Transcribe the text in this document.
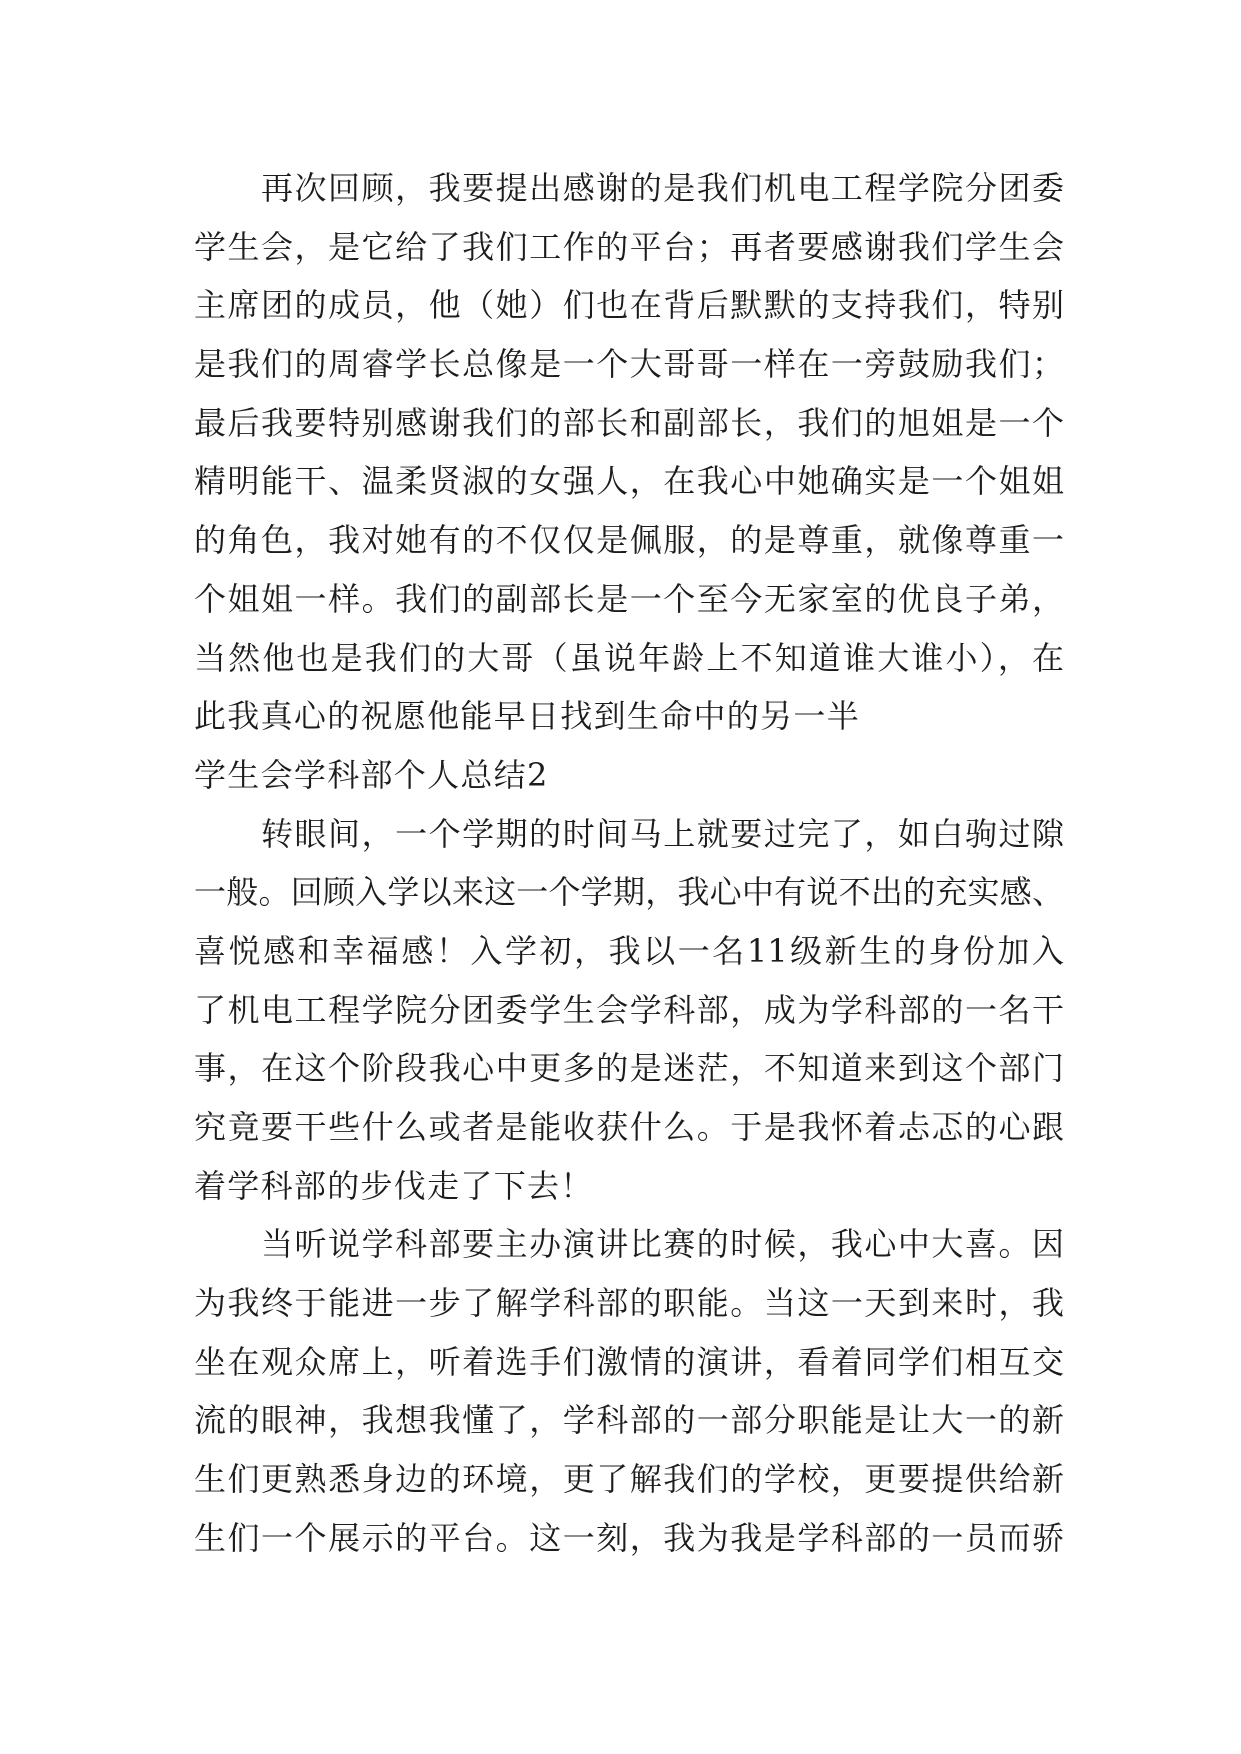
再次回顾，我要提出感谢的是我们机电工程学院分团委
学生会，是它给了我们工作的平台；再者要感谢我们学生会
主席团的成员，他（她）们也在背后默默的支持我们，特别
是我们的周睿学长总像是一个大哥哥一样在一旁鼓励我们；
最后我要特别感谢我们的部长和副部长，我们的旭姐是一个
精明能干、温柔贤淑的女强人，在我心中她确实是一个姐姐
的角色，我对她有的不仅仅是佩服，的是尊重，就像尊重一
个姐姐一样。我们的副部长是一个至今无家室的优良子弟，
当然他也是我们的大哥（虽说年龄上不知道谁大谁小），在
此我真心的祝愿他能早日找到生命中的另一半
学生会学科部个人总结2
转眼间，一个学期的时间马上就要过完了，如白驹过隙
一般。回顾入学以来这一个学期，我心中有说不出的充实感、
喜悦感和幸福感！入学初，我以一名11级新生的身份加入
了机电工程学院分团委学生会学科部，成为学科部的一名干
事，在这个阶段我心中更多的是迷茫，不知道来到这个部门
究竟要干些什么或者是能收获什么。于是我怀着忐忑的心跟
着学科部的步伐走了下去！
当听说学科部要主办演讲比赛的时候，我心中大喜。因
为我终于能进一步了解学科部的职能。当这一天到来时，我
坐在观众席上，听着选手们激情的演讲，看着同学们相互交
流的眼神，我想我懂了，学科部的一部分职能是让大一的新
生们更熟悉身边的环境，更了解我们的学校，更要提供给新
生们一个展示的平台。这一刻，我为我是学科部的一员而骄
